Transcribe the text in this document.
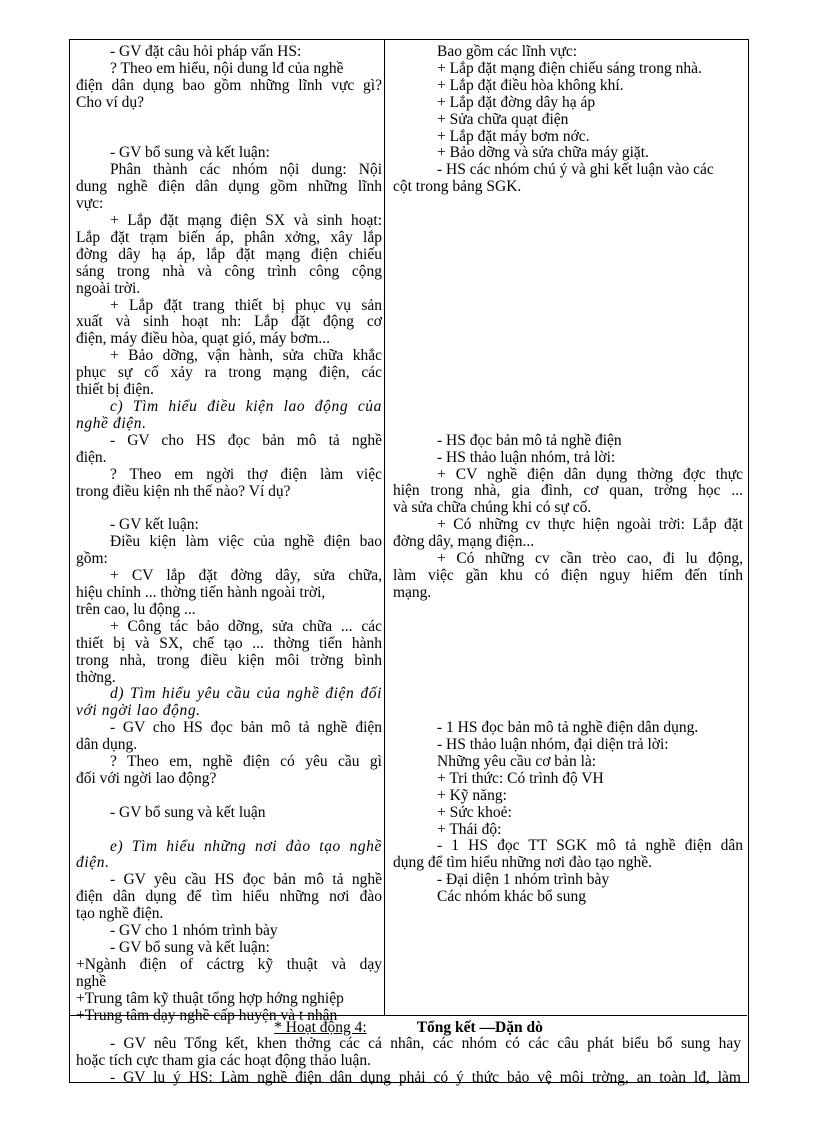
- GV đặt câu hỏi pháp vấn HS:
? Theo em hiểu, nội dung lđ của nghề
điện dân dụng bao gồm những lĩnh vực gì?
Cho ví dụ?
- GV bổ sung và kết luận:
Phân thành các nhóm nội dung: Nội
dung nghề điện dân dụng gồm những lĩnh
vực:
+ Lắp đặt mạng điện SX và sinh hoạt:
Lắp đặt trạm biến áp, phân xởng, xây lắp
đờng dây hạ áp, lắp đặt mạng điện chiếu
sáng trong nhà và công trình công cộng
ngoài trời.
+ Lắp đặt trang thiết bị phục vụ sản
xuất và sinh hoạt nh: Lắp đặt động cơ
điện, máy điều hòa, quạt gió, máy bơm...
+ Bảo dỡng, vận hành, sửa chữa khắc
phục sự cố xảy ra trong mạng điện, các
thiết bị điện.
c) Tìm hiểu điều kiện lao động của
nghề điện.
- GV cho HS đọc bản mô tả nghề
điện.
? Theo em ngời thợ điện làm việc
trong điều kiện nh thế nào? Ví dụ?
- GV kết luận:
Điều kiện làm việc của nghề điện bao
gồm:
+ CV lắp đặt đờng dây, sửa chữa,
hiệu chỉnh ... thờng tiến hành ngoài trời,
trên cao, lu động ...
+ Công tác bảo dỡng, sửa chữa ... các
thiết bị và SX, chế tạo ... thờng tiến hành
trong nhà, trong điều kiện môi trờng bình
thờng.
d) Tìm hiểu yêu cầu của nghề điện đối
với ngời lao động.
- GV cho HS đọc bản mô tả nghề điện
dân dụng.
? Theo em, nghề điện có yêu cầu gì
đối với ngời lao động?
- GV bổ sung và kết luận
e) Tìm hiểu những nơi đào tạo nghề
điện.
- GV yêu cầu HS đọc bản mô tả nghề
điện dân dụng để tìm hiểu những nơi đào
tạo nghề điện.
- GV cho 1 nhóm trình bày
- GV bổ sung và kết luận:
+Ngành điện of cáctrg kỹ thuật và dạy
nghề
+Trung tâm kỹ thuật tổng hợp hớng nghiệp
+Trung tâm dạy nghề cấp huyện và t nhân
Bao gồm các lĩnh vực:
+ Lắp đặt mạng điện chiếu sáng trong nhà.
+ Lắp đặt điều hòa không khí.
+ Lắp đặt đờng dây hạ áp
+ Sửa chữa quạt điện
+ Lắp đặt máy bơm nớc.
+ Bảo dỡng và sửa chữa máy giặt.
- HS các nhóm chú ý và ghi kết luận vào các
cột trong bảng SGK.
- HS đọc bản mô tả nghề điện
- HS thảo luận nhóm, trả lời:
+ CV nghề điện dân dụng thờng đợc thực
hiện trong nhà, gia đình, cơ quan, trờng học ...
và sửa chữa chúng khi có sự cố.
+ Có những cv thực hiện ngoài trời: Lắp đặt
đờng dây, mạng điện...
+ Có những cv cần trèo cao, đi lu động,
làm việc gần khu có điện nguy hiểm đến tính
mạng.
- 1 HS đọc bản mô tả nghề điện dân dụng.
- HS thảo luận nhóm, đại diện trả lời:
Những yêu cầu cơ bản là:
+ Tri thức: Có trình độ VH
+ Kỹ năng:
+ Sức khoẻ:
+ Thái độ:
- 1 HS đọc TT SGK mô tả nghề điện dân
dụng để tìm hiểu những nơi đào tạo nghề.
- Đại diện 1 nhóm trình bày
Các nhóm khác bổ sung
* Hoạt động 4:	Tổng kết —Dặn dò
- GV nêu Tổng kết, khen thởng các cá nhân, các nhóm có các câu phát biểu bổ sung hay
hoặc tích cực tham gia các hoạt động thảo luận.
- GV lu ý HS: Làm nghề điện dân dụng phải có ý thức bảo vệ môi trờng, an toàn lđ, làm
